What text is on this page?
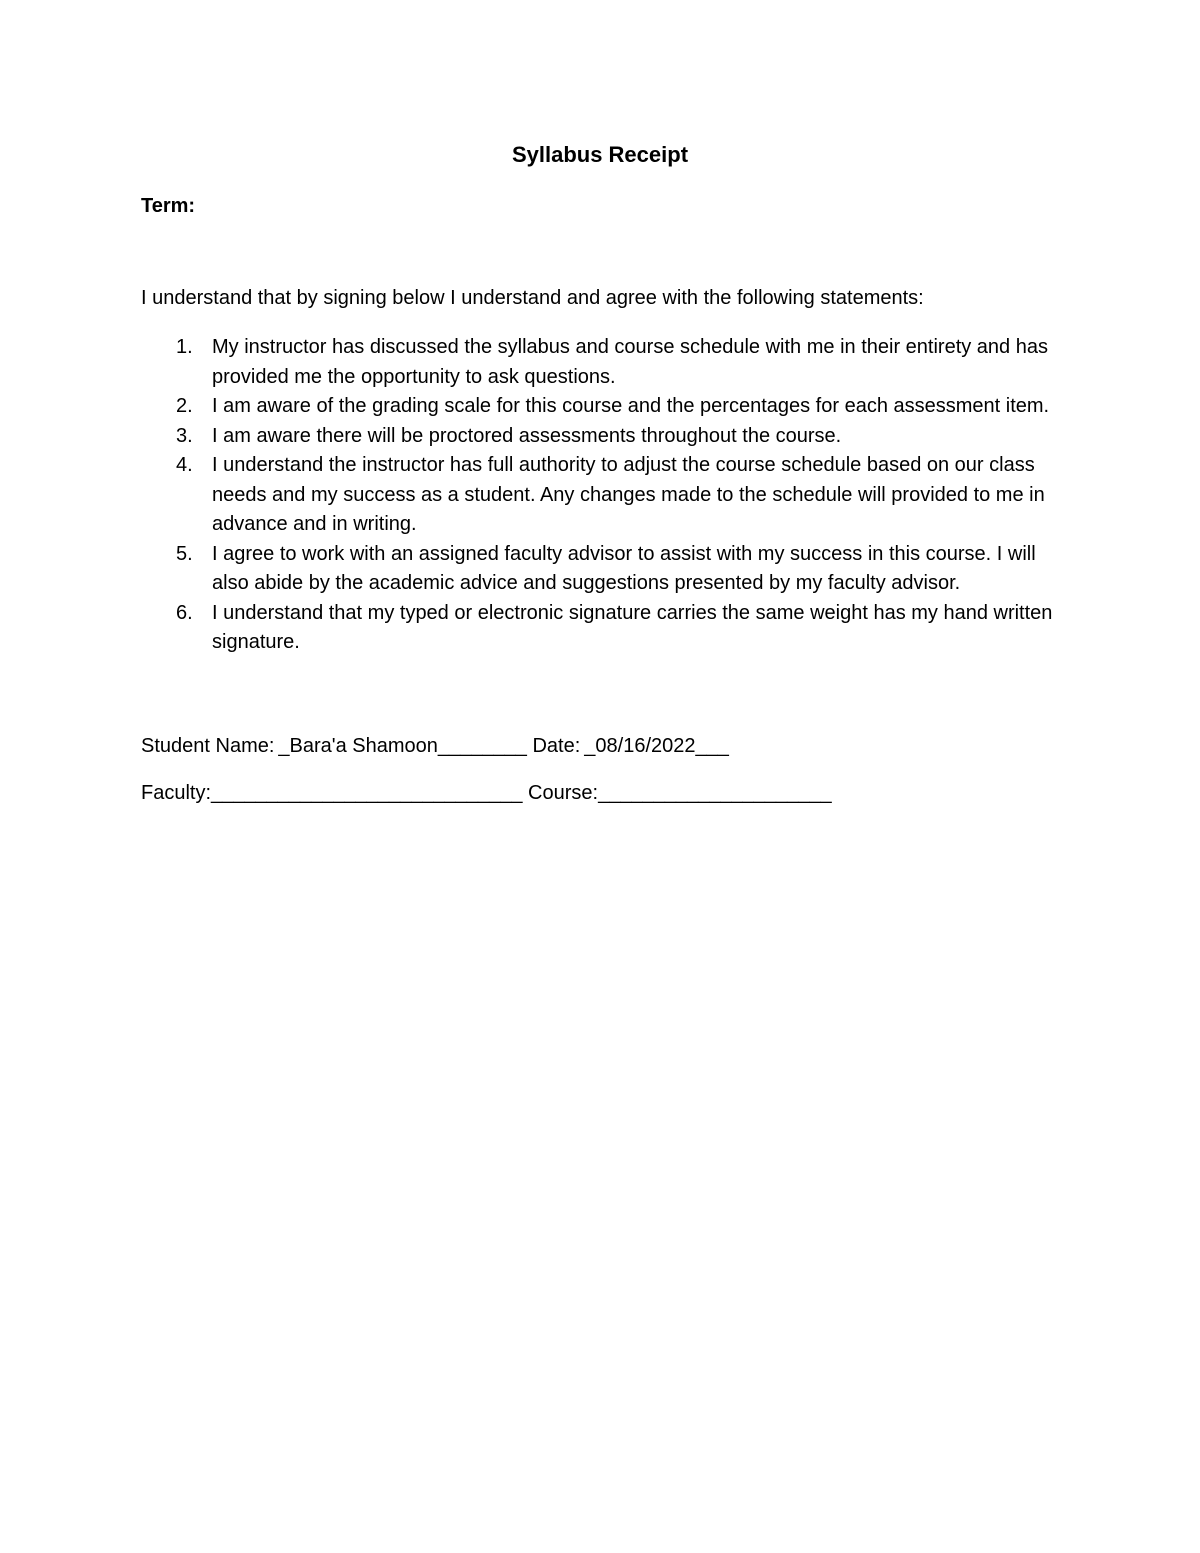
Syllabus Receipt
Term:
I understand that by signing below I understand and agree with the following statements:
1. My instructor has discussed the syllabus and course schedule with me in their entirety and has provided me the opportunity to ask questions.
2. I am aware of the grading scale for this course and the percentages for each assessment item.
3. I am aware there will be proctored assessments throughout the course.
4. I understand the instructor has full authority to adjust the course schedule based on our class needs and my success as a student. Any changes made to the schedule will provided to me in advance and in writing.
5. I agree to work with an assigned faculty advisor to assist with my success in this course. I will also abide by the academic advice and suggestions presented by my faculty advisor.
6. I understand that my typed or electronic signature carries the same weight has my hand written signature.
Student Name: _Bara'a Shamoon________ Date: _08/16/2022___
Faculty:____________________________ Course:_____________________
